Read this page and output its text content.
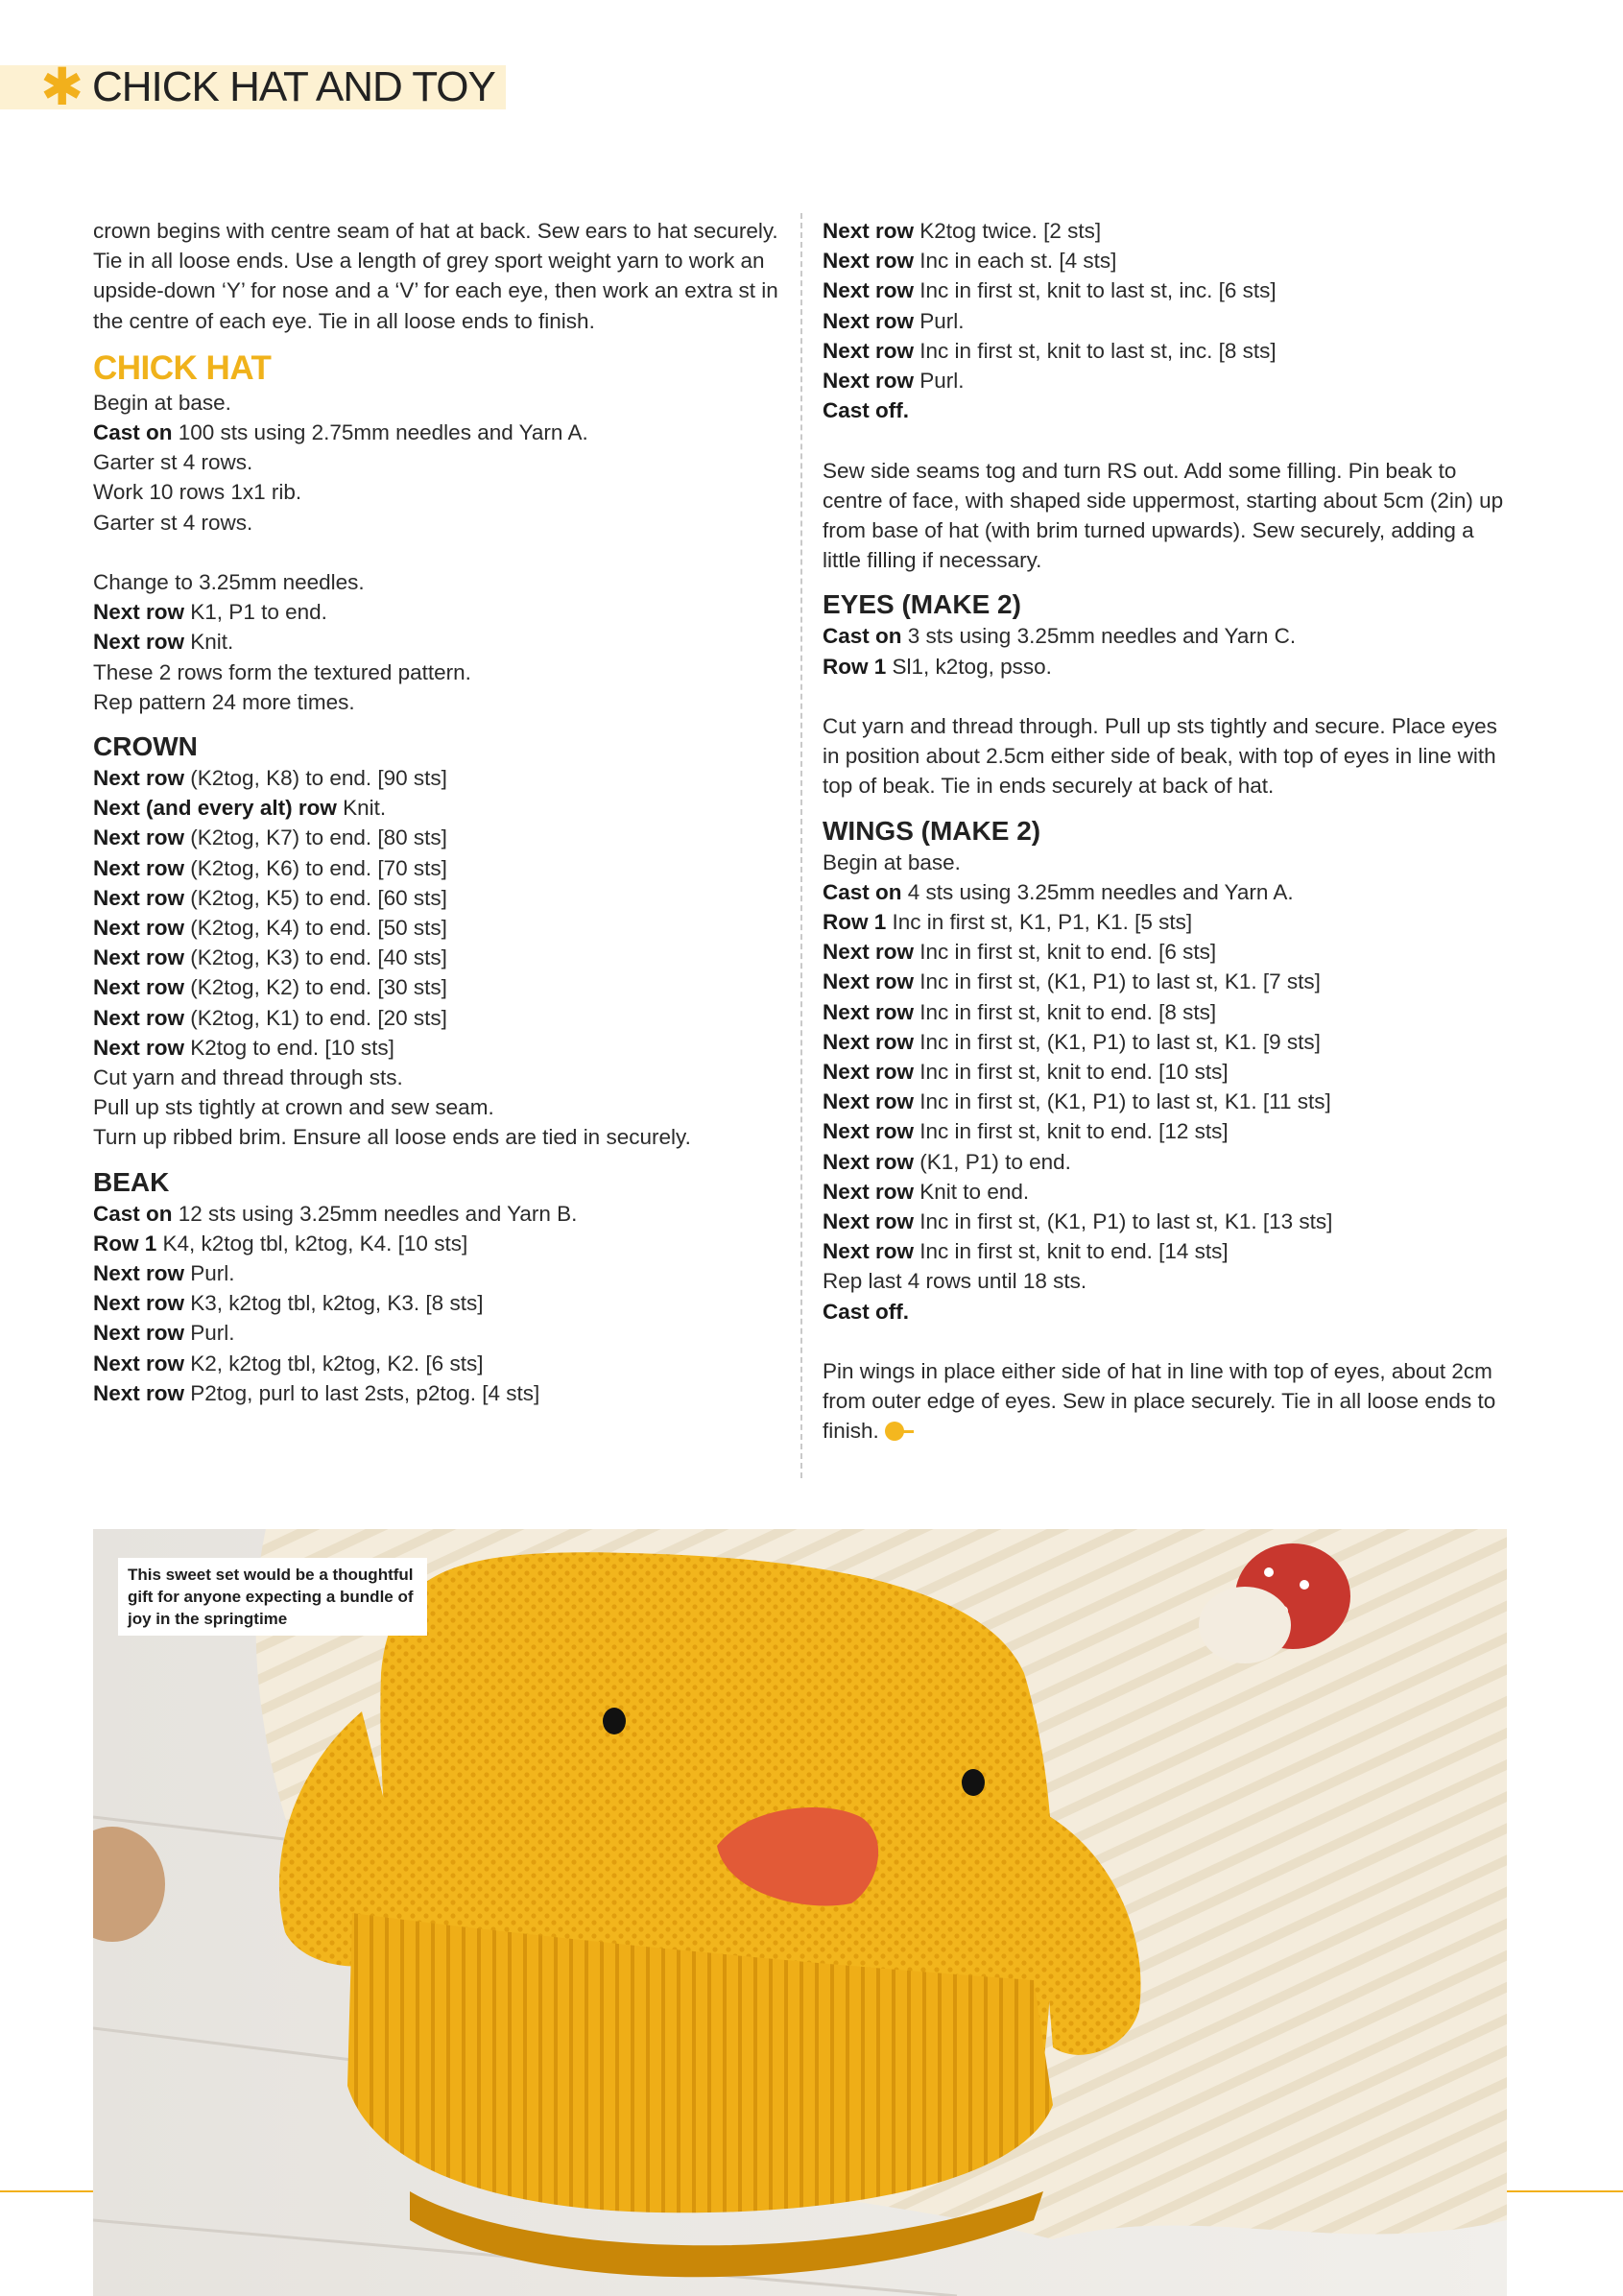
✱ CHICK HAT AND TOY

crown begins with centre seam of hat at back. Sew ears to hat securely. Tie in all loose ends. Use a length of grey sport weight yarn to work an upside-down ‘Y’ for nose and a ‘V’ for each eye, then work an extra st in the centre of each eye. Tie in all loose ends to finish.

CHICK HAT

Begin at base.

Cast on 100 sts using 2.75mm needles and Yarn A.

Garter st 4 rows.

Work 10 rows 1x1 rib.

Garter st 4 rows.

Change to 3.25mm needles.

Next row K1, P1 to end.

Next row Knit.

These 2 rows form the textured pattern.

Rep pattern 24 more times.

CROWN

Next row (K2tog, K8) to end. [90 sts]

Next (and every alt) row Knit.

Next row (K2tog, K7) to end. [80 sts]

Next row (K2tog, K6) to end. [70 sts]

Next row (K2tog, K5) to end. [60 sts]

Next row (K2tog, K4) to end. [50 sts]

Next row (K2tog, K3) to end. [40 sts]

Next row (K2tog, K2) to end. [30 sts]

Next row (K2tog, K1) to end. [20 sts]

Next row K2tog to end. [10 sts]

Cut yarn and thread through sts.

Pull up sts tightly at crown and sew seam.

Turn up ribbed brim. Ensure all loose ends are tied in securely.

BEAK

Cast on 12 sts using 3.25mm needles and Yarn B.

Row 1 K4, k2tog tbl, k2tog, K4. [10 sts]

Next row Purl.

Next row K3, k2tog tbl, k2tog, K3. [8 sts]

Next row Purl.

Next row K2, k2tog tbl, k2tog, K2. [6 sts]

Next row P2tog, purl to last 2sts, p2tog. [4 sts]

Next row K2tog twice. [2 sts]

Next row Inc in each st. [4 sts]

Next row Inc in first st, knit to last st, inc. [6 sts]

Next row Purl.

Next row Inc in first st, knit to last st, inc. [8 sts]

Next row Purl.

Cast off.

Sew side seams tog and turn RS out. Add some filling. Pin beak to centre of face, with shaped side uppermost, starting about 5cm (2in) up from base of hat (with brim turned upwards). Sew securely, adding a little filling if necessary.

EYES (MAKE 2)

Cast on 3 sts using 3.25mm needles and Yarn C.

Row 1 Sl1, k2tog, psso.

Cut yarn and thread through. Pull up sts tightly and secure. Place eyes in position about 2.5cm either side of beak, with top of eyes in line with top of beak. Tie in ends securely at back of hat.

WINGS (MAKE 2)

Begin at base.

Cast on 4 sts using 3.25mm needles and Yarn A.

Row 1 Inc in first st, K1, P1, K1. [5 sts]

Next row Inc in first st, knit to end. [6 sts]

Next row Inc in first st, (K1, P1) to last st, K1. [7 sts]

Next row Inc in first st, knit to end. [8 sts]

Next row Inc in first st, (K1, P1) to last st, K1. [9 sts]

Next row Inc in first st, knit to end. [10 sts]

Next row Inc in first st, (K1, P1) to last st, K1. [11 sts]

Next row Inc in first st, knit to end. [12 sts]

Next row (K1, P1) to end.

Next row Knit to end.

Next row Inc in first st, (K1, P1) to last st, K1. [13 sts]

Next row Inc in first st, knit to end. [14 sts]

Rep last 4 rows until 18 sts.

Cast off.

Pin wings in place either side of hat in line with top of eyes, about 2cm from outer edge of eyes. Sew in place securely. Tie in all loose ends to finish.

This sweet set would be a thoughtful gift for anyone expecting a bundle of joy in the springtime
